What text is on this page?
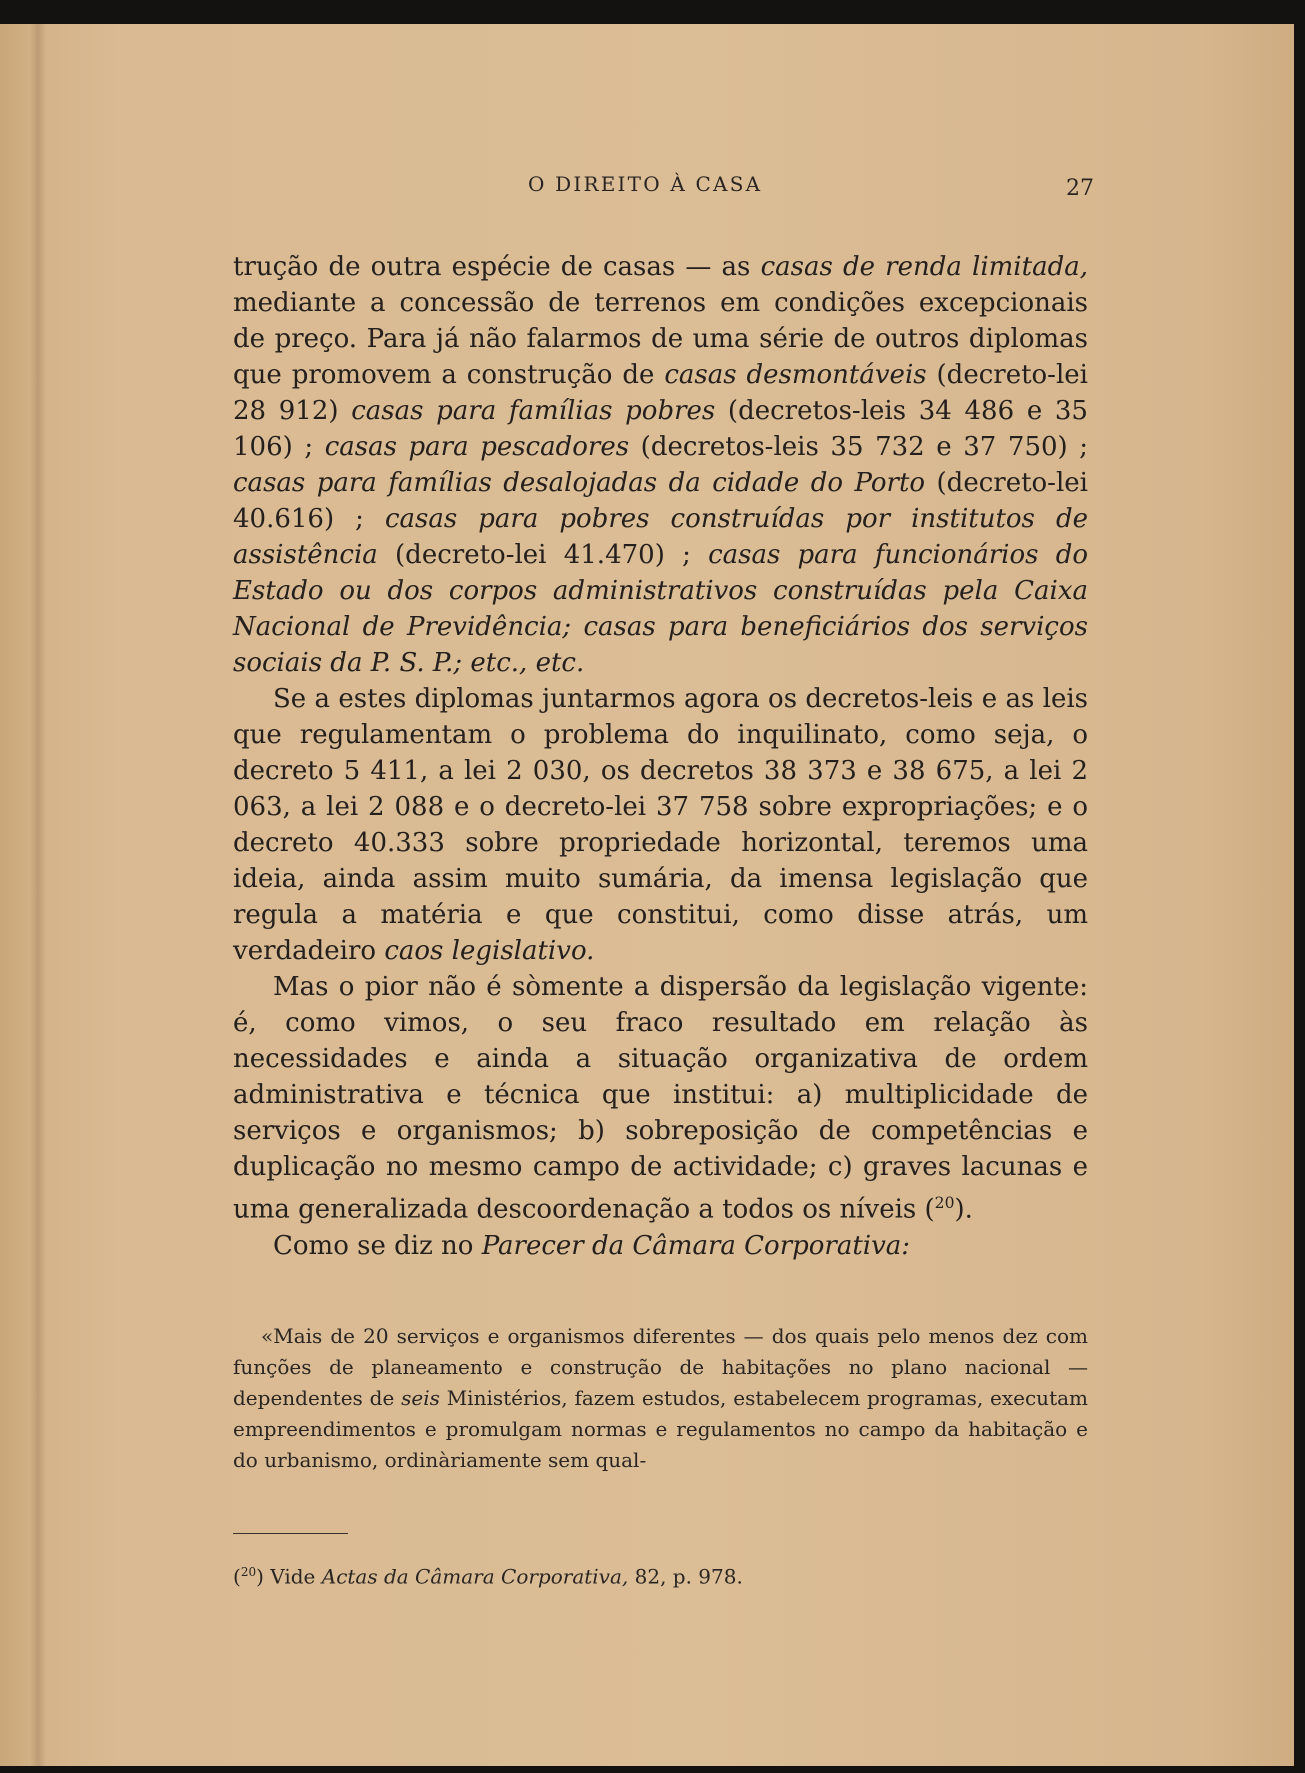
O DIREITO À CASA	27

trução de outra espécie de casas — as casas de renda limitada, mediante a concessão de terrenos em condições excepcionais de preço. Para já não falarmos de uma série de outros diplomas que promovem a construção de casas desmontáveis (decreto-lei 28 912) casas para famílias pobres (decretos-leis 34 486 e 35 106) ; casas para pescadores (decretos-leis 35 732 e 37 750) ; casas para famílias desalojadas da cidade do Porto (decreto-lei 40.616) ; casas para pobres construídas por institutos de assistência (decreto-lei 41.470) ; casas para funcionários do Estado ou dos corpos administrativos construídas pela Caixa Nacional de Previdência; casas para beneficiários dos serviços sociais da P. S. P.; etc., etc.

Se a estes diplomas juntarmos agora os decretos-leis e as leis que regulamentam o problema do inquilinato, como seja, o decreto 5 411, a lei 2 030, os decretos 38 373 e 38 675, a lei 2 063, a lei 2 088 e o decreto-lei 37 758 sobre expropriações; e o decreto 40.333 sobre propriedade horizontal, teremos uma ideia, ainda assim muito sumária, da imensa legislação que regula a matéria e que constitui, como disse atrás, um verdadeiro caos legislativo.

Mas o pior não é sòmente a dispersão da legislação vigente: é, como vimos, o seu fraco resultado em relação às necessidades e ainda a situação organizativa de ordem administrativa e técnica que institui: a) multiplicidade de serviços e organismos; b) sobreposição de competências e duplicação no mesmo campo de actividade; c) graves lacunas e uma generalizada descoordenação a todos os níveis ($^{20}$).

Como se diz no Parecer da Câmara Corporativa:

«Mais de 20 serviços e organismos diferentes — dos quais pelo menos dez com funções de planeamento e construção de habitações no plano nacional — dependentes de seis Ministérios, fazem estudos, estabelecem programas, executam empreendimentos e promulgam normas e regulamentos no campo da habitação e do urbanismo, ordinàriamente sem qual-

($^{20}$) Vide Actas da Câmara Corporativa, 82, p. 978.
